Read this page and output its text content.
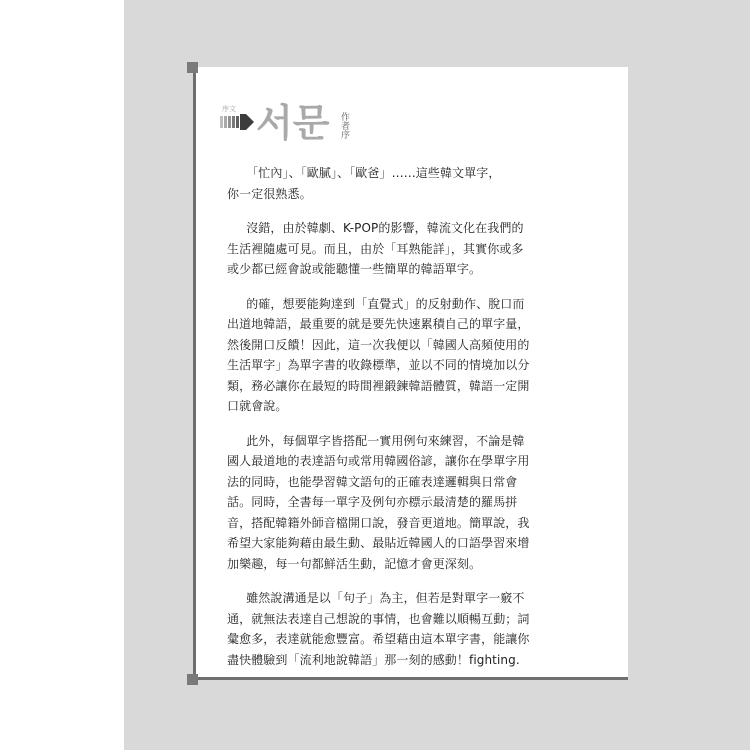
序文 서문 作者序

「忙內」、「歐膩」、「歐爸」……這些韓文單字，
你一定很熟悉。

沒錯，由於韓劇、K-POP的影響，韓流文化在我們的
生活裡隨處可見。而且，由於「耳熟能詳」，其實你或多
或少都已經會說或能聽懂一些簡單的韓語單字。

的確，想要能夠達到「直覺式」的反射動作、脫口而
出道地韓語，最重要的就是要先快速累積自己的單字量，
然後開口反饋！因此，這一次我便以「韓國人高頻使用的
生活單字」為單字書的收錄標準，並以不同的情境加以分
類，務必讓你在最短的時間裡鍛鍊韓語體質，韓語一定開
口就會說。

此外，每個單字皆搭配一實用例句來練習，不論是韓
國人最道地的表達語句或常用韓國俗諺，讓你在學單字用
法的同時，也能學習韓文語句的正確表達邏輯與日常會
話。同時，全書每一單字及例句亦標示最清楚的羅馬拼
音，搭配韓籍外師音檔開口說，發音更道地。簡單說，我
希望大家能夠藉由最生動、最貼近韓國人的口語學習來增
加樂趣，每一句都鮮活生動，記憶才會更深刻。

雖然說溝通是以「句子」為主，但若是對單字一竅不
通，就無法表達自己想說的事情，也會難以順暢互動；詞
彙愈多，表達就能愈豐富。希望藉由這本單字書，能讓你
盡快體驗到「流利地說韓語」那一刻的感動！fighting.
